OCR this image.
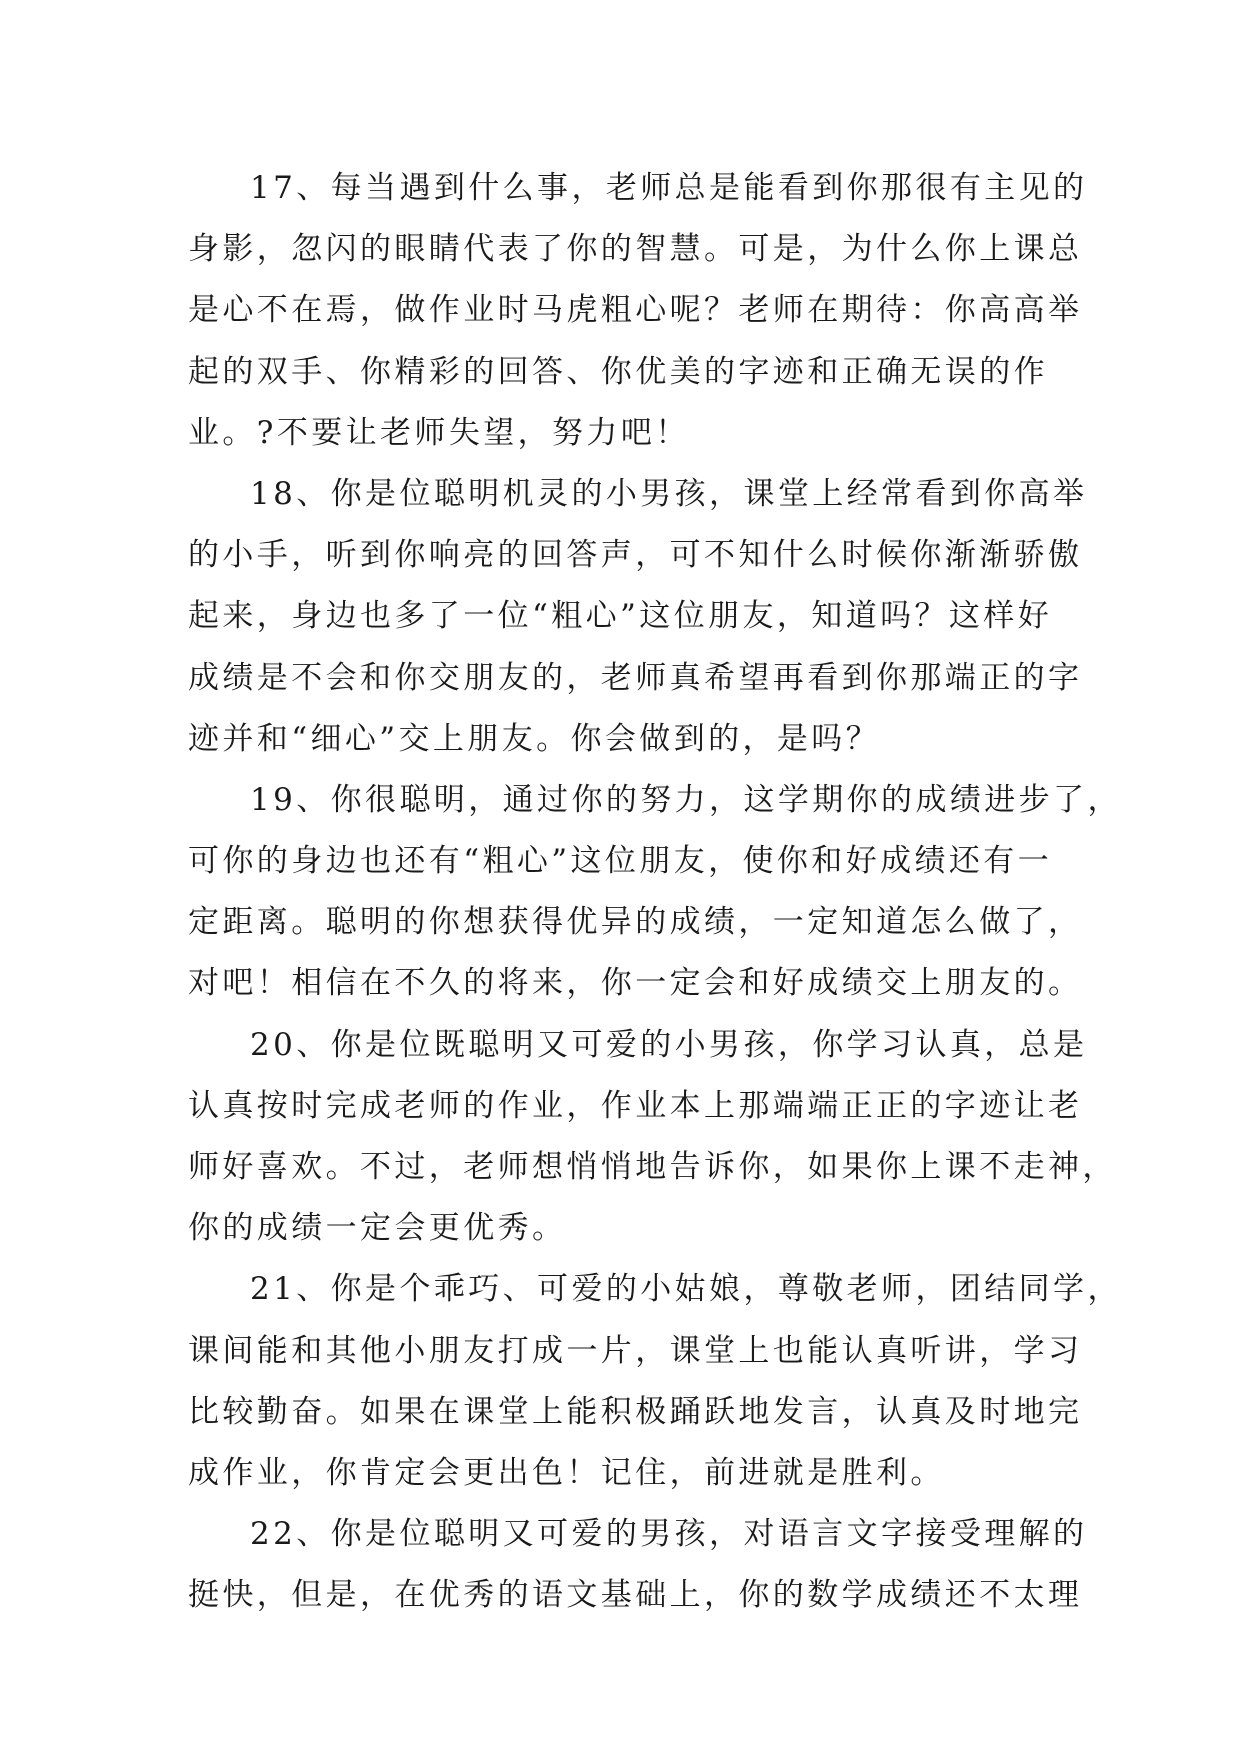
17、每当遇到什么事，老师总是能看到你那很有主见的
身影，忽闪的眼睛代表了你的智慧。可是，为什么你上课总
是心不在焉，做作业时马虎粗心呢？老师在期待：你高高举
起的双手、你精彩的回答、你优美的字迹和正确无误的作
业。?不要让老师失望，努力吧！
18、你是位聪明机灵的小男孩，课堂上经常看到你高举
的小手，听到你响亮的回答声，可不知什么时候你渐渐骄傲
起来，身边也多了一位“粗心”这位朋友，知道吗？这样好
成绩是不会和你交朋友的，老师真希望再看到你那端正的字
迹并和“细心”交上朋友。你会做到的，是吗？
19、你很聪明，通过你的努力，这学期你的成绩进步了，
可你的身边也还有“粗心”这位朋友，使你和好成绩还有一
定距离。聪明的你想获得优异的成绩，一定知道怎么做了，
对吧！相信在不久的将来，你一定会和好成绩交上朋友的。
20、你是位既聪明又可爱的小男孩，你学习认真，总是
认真按时完成老师的作业，作业本上那端端正正的字迹让老
师好喜欢。不过，老师想悄悄地告诉你，如果你上课不走神，
你的成绩一定会更优秀。
21、你是个乖巧、可爱的小姑娘，尊敬老师，团结同学，
课间能和其他小朋友打成一片，课堂上也能认真听讲，学习
比较勤奋。如果在课堂上能积极踊跃地发言，认真及时地完
成作业，你肯定会更出色！记住，前进就是胜利。
22、你是位聪明又可爱的男孩，对语言文字接受理解的
挺快，但是，在优秀的语文基础上，你的数学成绩还不太理
